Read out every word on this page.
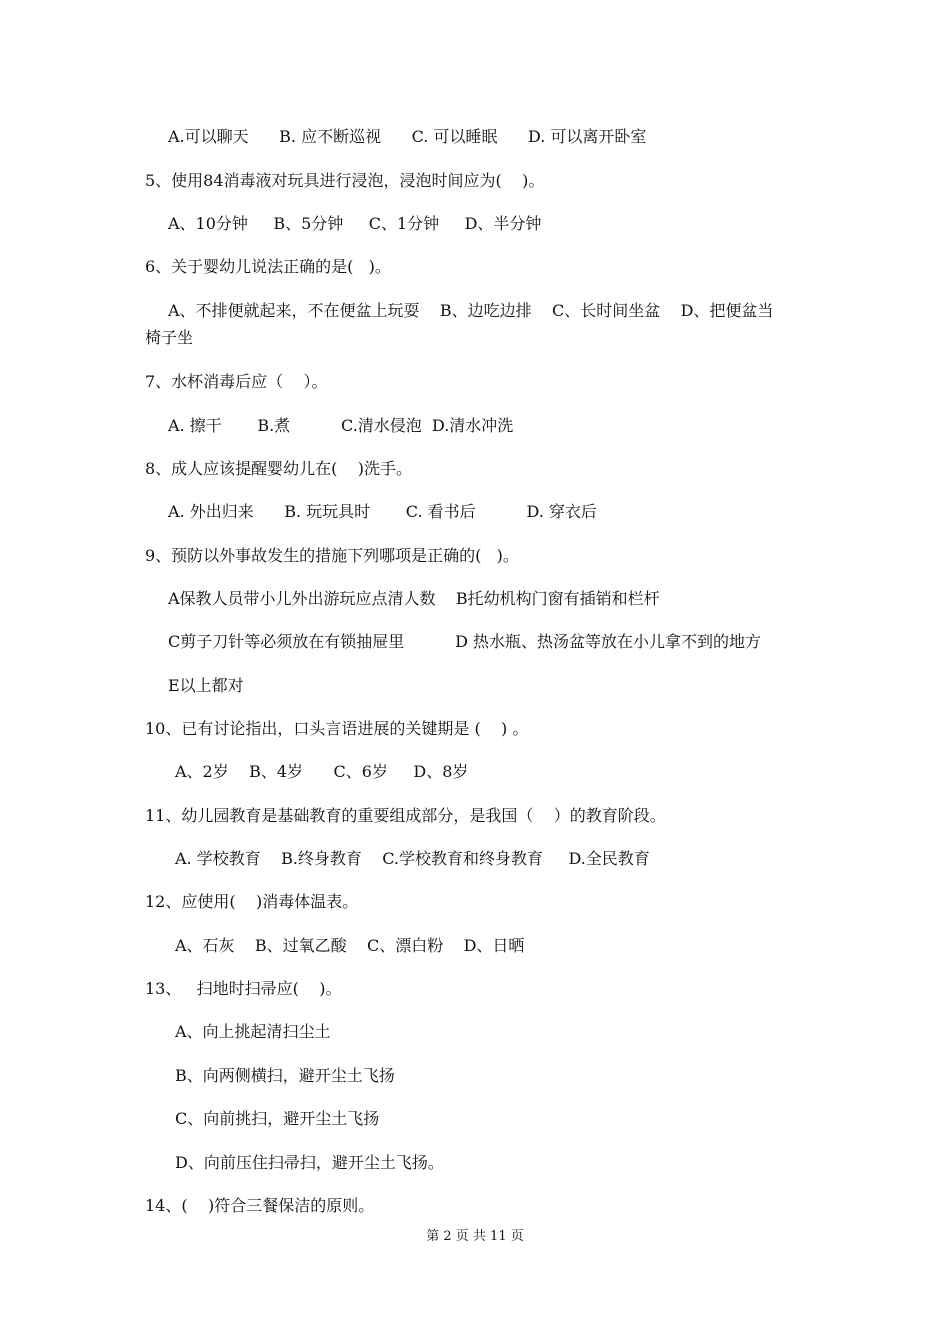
A.可以聊天      B. 应不断巡视      C. 可以睡眠      D. 可以离开卧室
5、使用84消毒液对玩具进行浸泡，浸泡时间应为(    )。
A、10分钟     B、5分钟     C、1分钟     D、半分钟
6、关于婴幼儿说法正确的是(   )。
A、不排便就起来，不在便盆上玩耍    B、边吃边排    C、长时间坐盆    D、把便盆当
椅子坐
7、水杯消毒后应（    ）。
A. 擦干       B.煮          C.清水侵泡  D.清水冲洗
8、成人应该提醒婴幼儿在(    )洗手。
A. 外出归来      B. 玩玩具时       C. 看书后          D. 穿衣后
9、预防以外事故发生的措施下列哪项是正确的(   )。
A保教人员带小儿外出游玩应点清人数    B托幼机构门窗有插销和栏杆
C剪子刀针等必须放在有锁抽屉里          D 热水瓶、热汤盆等放在小儿拿不到的地方
E以上都对
10、已有讨论指出，口头言语进展的关键期是 (    ) 。
A、2岁    B、4岁      C、6岁     D、8岁
11、幼儿园教育是基础教育的重要组成部分，是我国（    ）的教育阶段。
A. 学校教育    B.终身教育    C.学校教育和终身教育     D.全民教育
12、应使用(    )消毒体温表。
A、石灰    B、过氧乙酸    C、漂白粉    D、日晒
13、   扫地时扫帚应(    )。
A、向上挑起清扫尘土
B、向两侧横扫，避开尘土飞扬
C、向前挑扫，避开尘土飞扬
D、向前压住扫帚扫，避开尘土飞扬。
14、(    )符合三餐保洁的原则。
第 2 页 共 11 页
